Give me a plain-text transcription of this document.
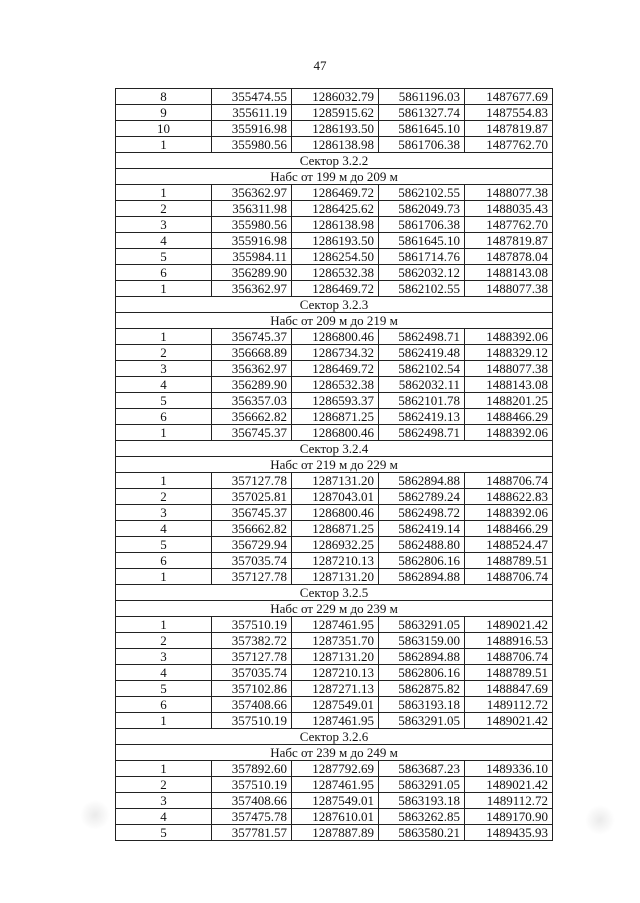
47
8	355474.55	1286032.79	5861196.03	1487677.69
9	355611.19	1285915.62	5861327.74	1487554.83
10	355916.98	1286193.50	5861645.10	1487819.87
1	355980.56	1286138.98	5861706.38	1487762.70
Сектор 3.2.2				
Набс от 199 м до 209 м				
1	356362.97	1286469.72	5862102.55	1488077.38
2	356311.98	1286425.62	5862049.73	1488035.43
3	355980.56	1286138.98	5861706.38	1487762.70
4	355916.98	1286193.50	5861645.10	1487819.87
5	355984.11	1286254.50	5861714.76	1487878.04
6	356289.90	1286532.38	5862032.12	1488143.08
1	356362.97	1286469.72	5862102.55	1488077.38
Сектор 3.2.3				
Набс от 209 м до 219 м				
1	356745.37	1286800.46	5862498.71	1488392.06
2	356668.89	1286734.32	5862419.48	1488329.12
3	356362.97	1286469.72	5862102.54	1488077.38
4	356289.90	1286532.38	5862032.11	1488143.08
5	356357.03	1286593.37	5862101.78	1488201.25
6	356662.82	1286871.25	5862419.13	1488466.29
1	356745.37	1286800.46	5862498.71	1488392.06
Сектор 3.2.4				
Набс от 219 м до 229 м				
1	357127.78	1287131.20	5862894.88	1488706.74
2	357025.81	1287043.01	5862789.24	1488622.83
3	356745.37	1286800.46	5862498.72	1488392.06
4	356662.82	1286871.25	5862419.14	1488466.29
5	356729.94	1286932.25	5862488.80	1488524.47
6	357035.74	1287210.13	5862806.16	1488789.51
1	357127.78	1287131.20	5862894.88	1488706.74
Сектор 3.2.5				
Набс от 229 м до 239 м				
1	357510.19	1287461.95	5863291.05	1489021.42
2	357382.72	1287351.70	5863159.00	1488916.53
3	357127.78	1287131.20	5862894.88	1488706.74
4	357035.74	1287210.13	5862806.16	1488789.51
5	357102.86	1287271.13	5862875.82	1488847.69
6	357408.66	1287549.01	5863193.18	1489112.72
1	357510.19	1287461.95	5863291.05	1489021.42
Сектор 3.2.6				
Набс от 239 м до 249 м				
1	357892.60	1287792.69	5863687.23	1489336.10
2	357510.19	1287461.95	5863291.05	1489021.42
3	357408.66	1287549.01	5863193.18	1489112.72
4	357475.78	1287610.01	5863262.85	1489170.90
5	357781.57	1287887.89	5863580.21	1489435.93
